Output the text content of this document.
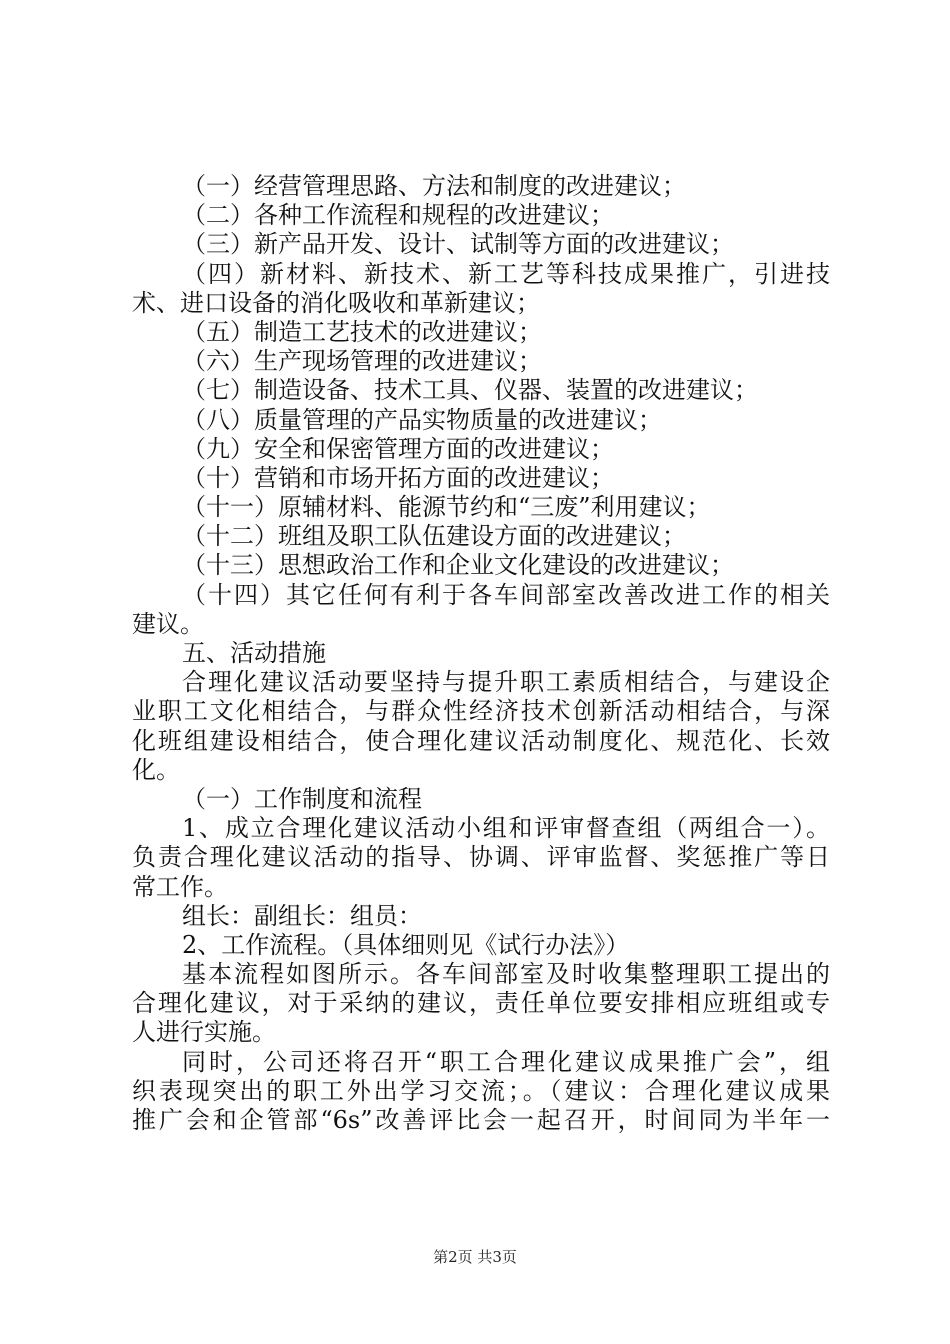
（一）经营管理思路、方法和制度的改进建议；
（二）各种工作流程和规程的改进建议；
（三）新产品开发、设计、试制等方面的改进建议；
（四）新材料、新技术、新工艺等科技成果推广，引进技
术、进口设备的消化吸收和革新建议；
（五）制造工艺技术的改进建议；
（六）生产现场管理的改进建议；
（七）制造设备、技术工具、仪器、装置的改进建议；
（八）质量管理的产品实物质量的改进建议；
（九）安全和保密管理方面的改进建议；
（十）营销和市场开拓方面的改进建议；
（十一）原辅材料、能源节约和“三废”利用建议；
（十二）班组及职工队伍建设方面的改进建议；
（十三）思想政治工作和企业文化建设的改进建议；
（十四）其它任何有利于各车间部室改善改进工作的相关
建议。
五、活动措施
合理化建议活动要坚持与提升职工素质相结合，与建设企
业职工文化相结合，与群众性经济技术创新活动相结合，与深
化班组建设相结合，使合理化建议活动制度化、规范化、长效
化。
（一）工作制度和流程
1、成立合理化建议活动小组和评审督查组（两组合一）。
负责合理化建议活动的指导、协调、评审监督、奖惩推广等日
常工作。
组长：副组长：组员：
2、工作流程。（具体细则见《试行办法》）
基本流程如图所示。各车间部室及时收集整理职工提出的
合理化建议，对于采纳的建议，责任单位要安排相应班组或专
人进行实施。
同时，公司还将召开“职工合理化建议成果推广会”，组
织表现突出的职工外出学习交流；。（建议：合理化建议成果
推广会和企管部“6s”改善评比会一起召开，时间同为半年一
第2页 共3页
